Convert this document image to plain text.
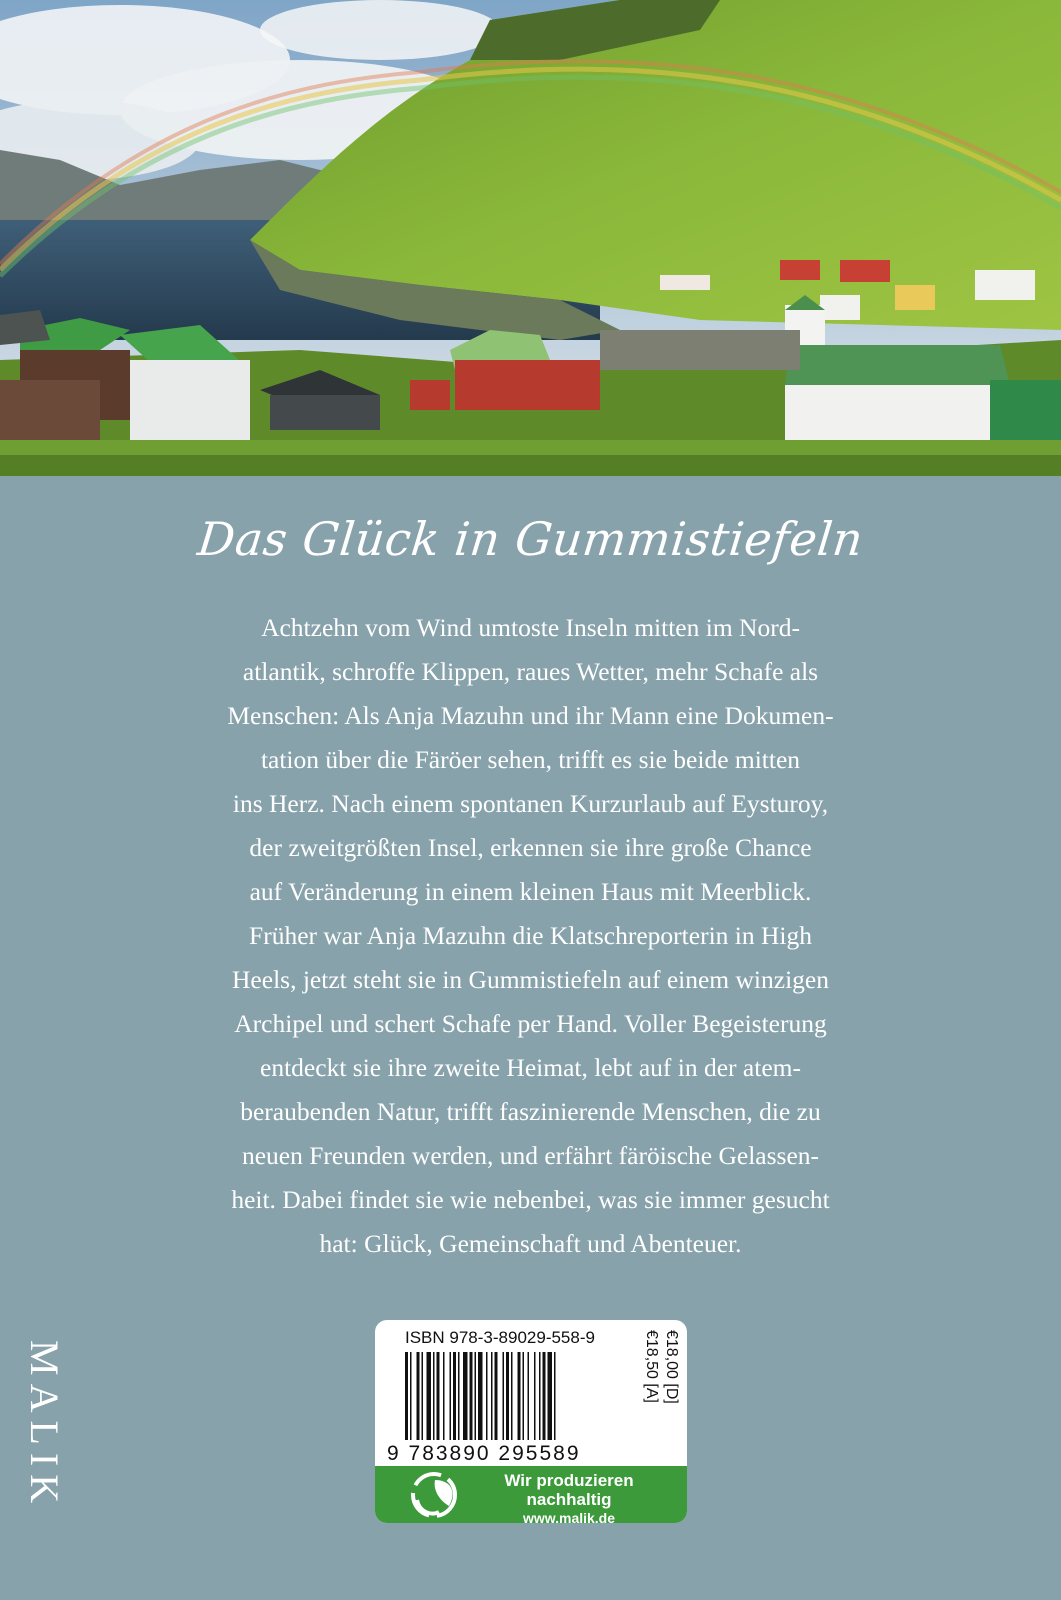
Das Glück in Gummistiefeln
Achtzehn vom Wind umtoste Inseln mitten im Nord-
atlantik, schroffe Klippen, raues Wetter, mehr Schafe als
Menschen: Als Anja Mazuhn und ihr Mann eine Dokumen-
tation über die Färöer sehen, trifft es sie beide mitten
ins Herz. Nach einem spontanen Kurzurlaub auf Eysturoy,
der zweitgrößten Insel, erkennen sie ihre große Chance
auf Veränderung in einem kleinen Haus mit Meerblick.
Früher war Anja Mazuhn die Klatschreporterin in High
Heels, jetzt steht sie in Gummistiefeln auf einem winzigen
Archipel und schert Schafe per Hand. Voller Begeisterung
entdeckt sie ihre zweite Heimat, lebt auf in der atem-
beraubenden Natur, trifft faszinierende Menschen, die zu
neuen Freunden werden, und erfährt färöische Gelassen-
heit. Dabei findet sie wie nebenbei, was sie immer gesucht
hat: Glück, Gemeinschaft und Abenteuer.
MALIK
ISBN 978-3-89029-558-9
9 783890 295589
€18,00 [D]
€18,50 [A]
Wir produzieren
nachhaltig
www.malik.de
